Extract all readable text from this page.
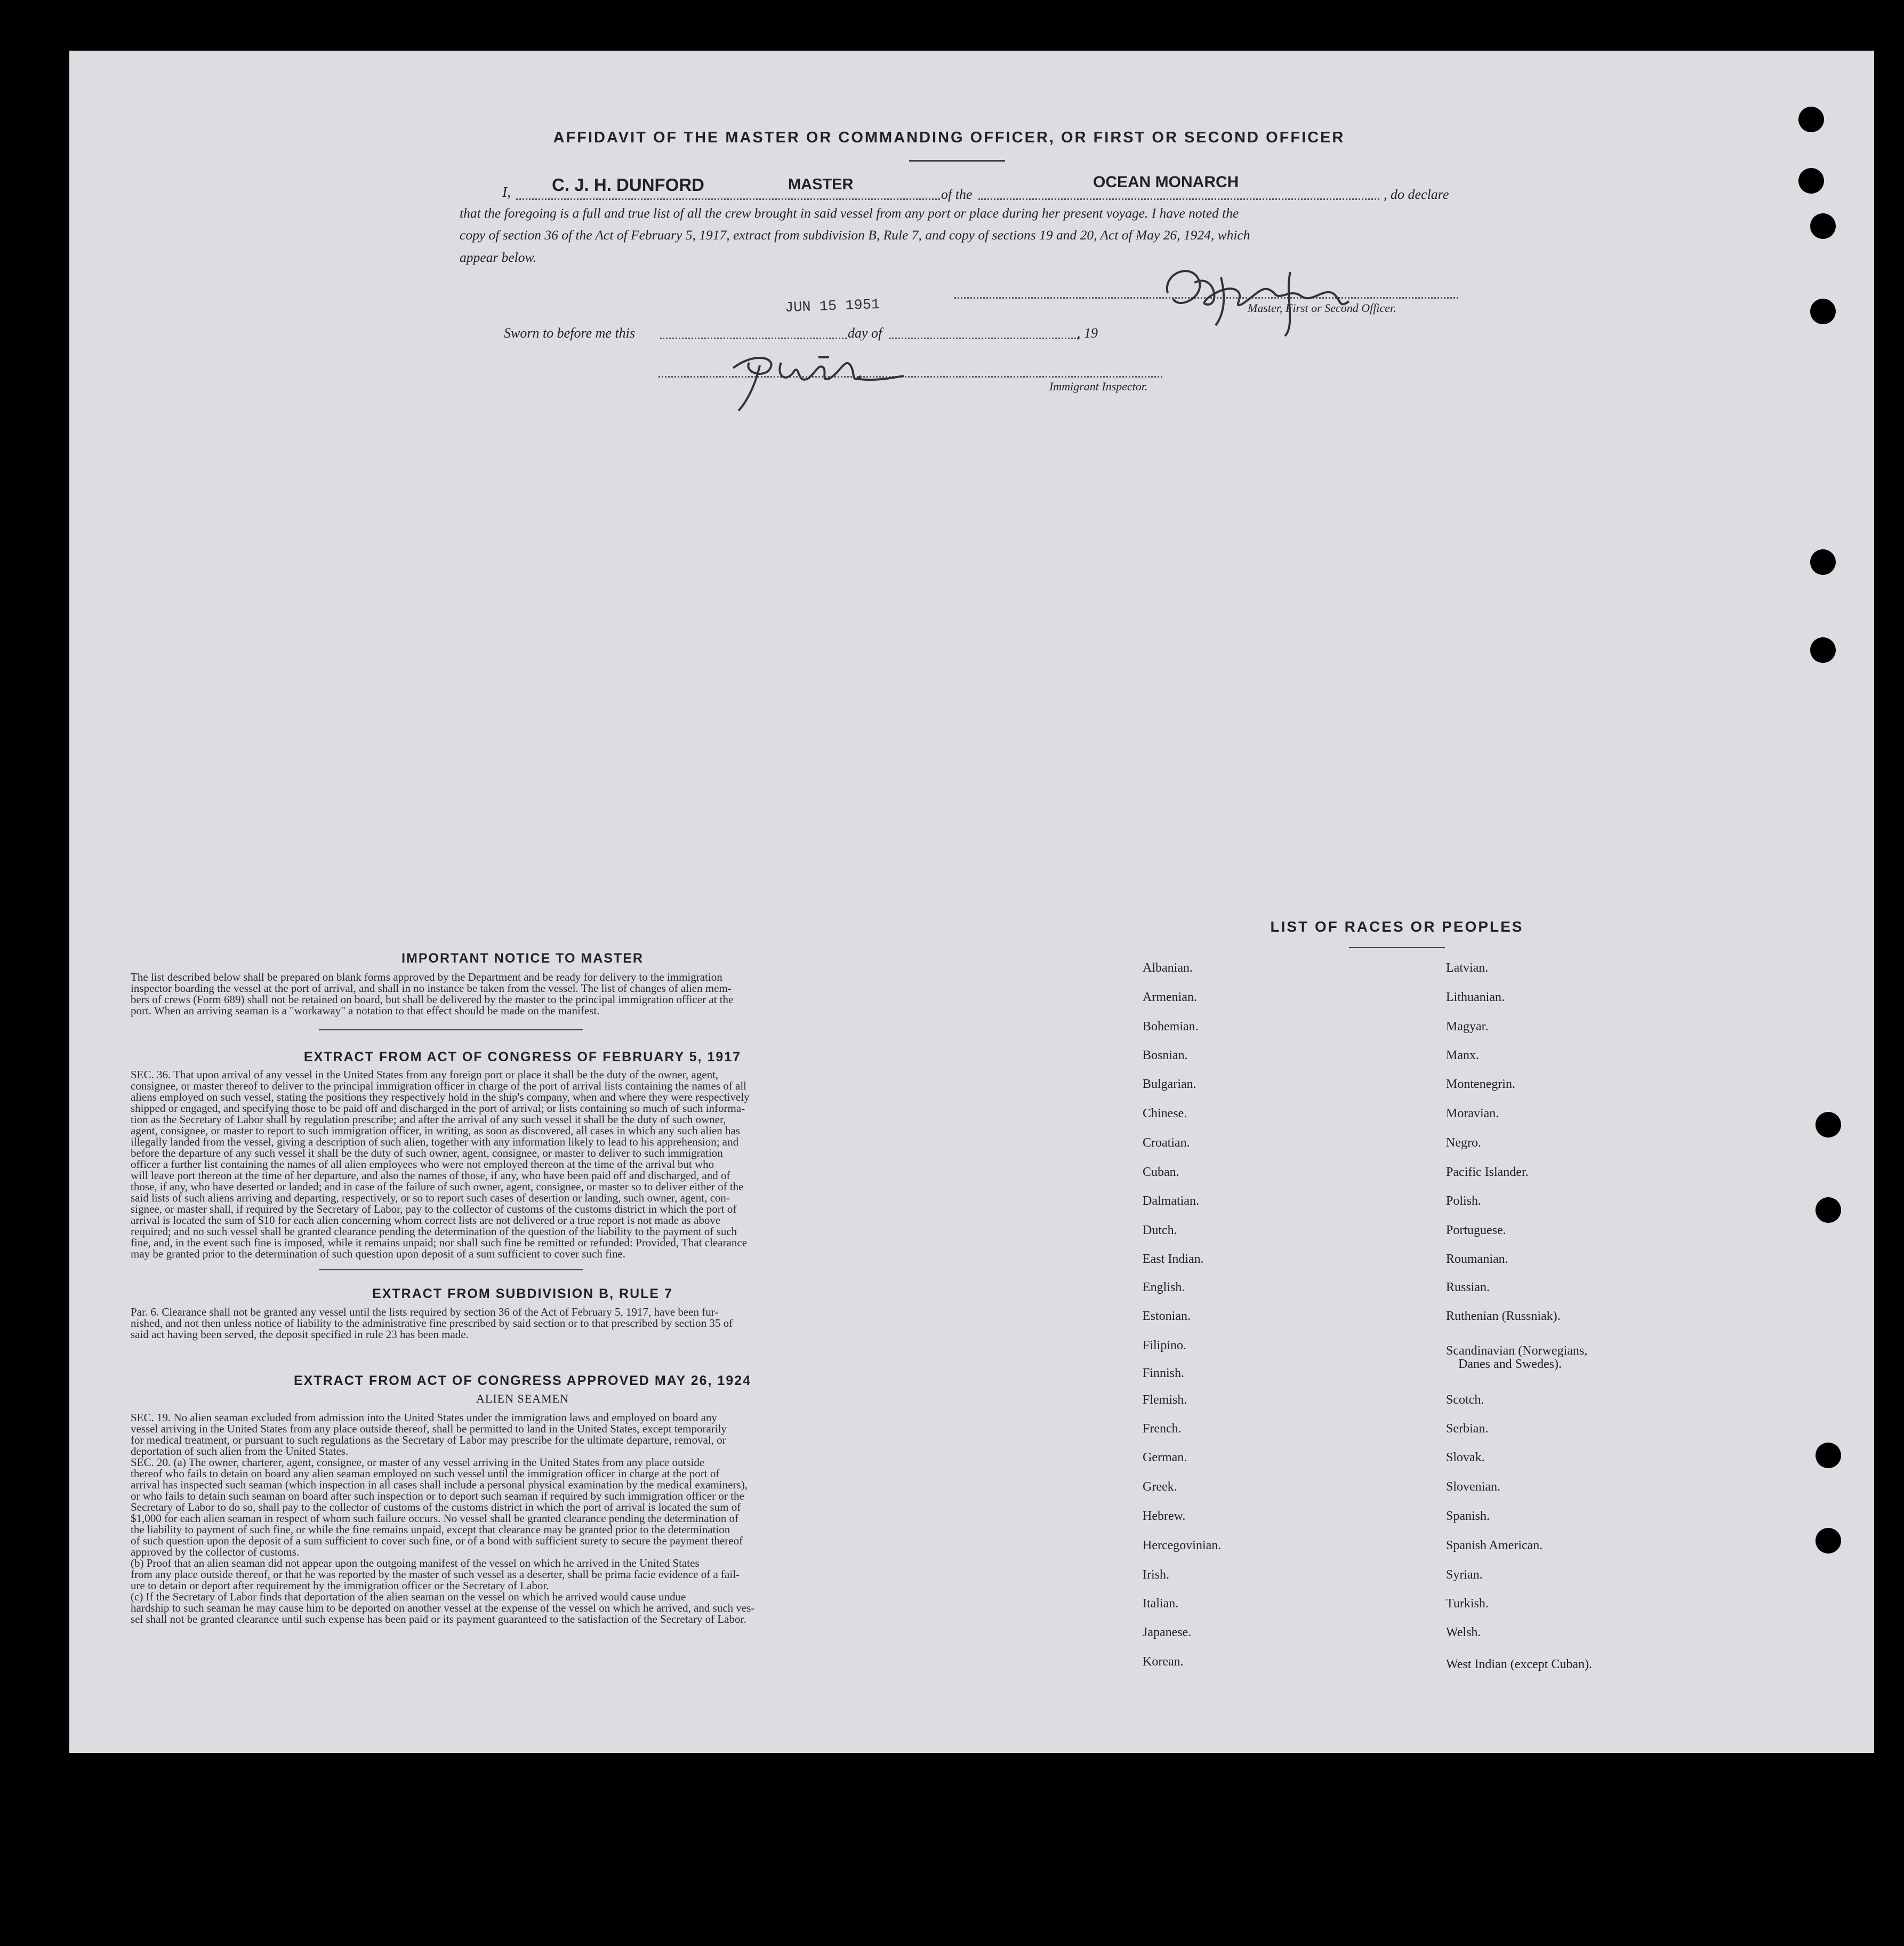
AFFIDAVIT OF THE MASTER OR COMMANDING OFFICER, OR FIRST OR SECOND OFFICER
I, C. J. H. DUNFORD	MASTER
of the
OCEAN MONARCH
, do declare
that the foregoing is a full and true list of all the crew brought in said vessel from any port or place during her present voyage. I have noted the
copy of section 36 of the Act of February 5, 1917, extract from subdivision B, Rule 7, and copy of sections 19 and 20, Act of May 26, 1924, which
appear below.
Master, First or Second Officer.
Sworn to before me this
JUN 15 1951
day of	, 19
Immigrant Inspector.
IMPORTANT NOTICE TO MASTER
The list described below shall be prepared on blank forms approved by the Department and be ready for delivery to the immigration
inspector boarding the vessel at the port of arrival, and shall in no instance be taken from the vessel. The list of changes of alien mem-
bers of crews (Form 689) shall not be retained on board, but shall be delivered by the master to the principal immigration officer at the
port. When an arriving seaman is a "workaway" a notation to that effect should be made on the manifest.
EXTRACT FROM ACT OF CONGRESS OF FEBRUARY 5, 1917
SEC. 36. That upon arrival of any vessel in the United States from any foreign port or place it shall be the duty of the owner, agent,
consignee, or master thereof to deliver to the principal immigration officer in charge of the port of arrival lists containing the names of all
aliens employed on such vessel, stating the positions they respectively hold in the ship's company, when and where they were respectively
shipped or engaged, and specifying those to be paid off and discharged in the port of arrival; or lists containing so much of such informa-
tion as the Secretary of Labor shall by regulation prescribe; and after the arrival of any such vessel it shall be the duty of such owner,
agent, consignee, or master to report to such immigration officer, in writing, as soon as discovered, all cases in which any such alien has
illegally landed from the vessel, giving a description of such alien, together with any information likely to lead to his apprehension; and
before the departure of any such vessel it shall be the duty of such owner, agent, consignee, or master to deliver to such immigration
officer a further list containing the names of all alien employees who were not employed thereon at the time of the arrival but who
will leave port thereon at the time of her departure, and also the names of those, if any, who have been paid off and discharged, and of
those, if any, who have deserted or landed; and in case of the failure of such owner, agent, consignee, or master so to deliver either of the
said lists of such aliens arriving and departing, respectively, or so to report such cases of desertion or landing, such owner, agent, con-
signee, or master shall, if required by the Secretary of Labor, pay to the collector of customs of the customs district in which the port of
arrival is located the sum of $10 for each alien concerning whom correct lists are not delivered or a true report is not made as above
required; and no such vessel shall be granted clearance pending the determination of the question of the liability to the payment of such
fine, and, in the event such fine is imposed, while it remains unpaid; nor shall such fine be remitted or refunded: Provided, That clearance
may be granted prior to the determination of such question upon deposit of a sum sufficient to cover such fine.
EXTRACT FROM SUBDIVISION B, RULE 7
Par. 6. Clearance shall not be granted any vessel until the lists required by section 36 of the Act of February 5, 1917, have been fur-
nished, and not then unless notice of liability to the administrative fine prescribed by said section or to that prescribed by section 35 of
said act having been served, the deposit specified in rule 23 has been made.
EXTRACT FROM ACT OF CONGRESS APPROVED MAY 26, 1924
ALIEN SEAMEN
SEC. 19. No alien seaman excluded from admission into the United States under the immigration laws and employed on board any
vessel arriving in the United States from any place outside thereof, shall be permitted to land in the United States, except temporarily
for medical treatment, or pursuant to such regulations as the Secretary of Labor may prescribe for the ultimate departure, removal, or
deportation of such alien from the United States.
SEC. 20. (a) The owner, charterer, agent, consignee, or master of any vessel arriving in the United States from any place outside
thereof who fails to detain on board any alien seaman employed on such vessel until the immigration officer in charge at the port of
arrival has inspected such seaman (which inspection in all cases shall include a personal physical examination by the medical examiners),
or who fails to detain such seaman on board after such inspection or to deport such seaman if required by such immigration officer or the
Secretary of Labor to do so, shall pay to the collector of customs of the customs district in which the port of arrival is located the sum of
$1,000 for each alien seaman in respect of whom such failure occurs. No vessel shall be granted clearance pending the determination of
the liability to payment of such fine, or while the fine remains unpaid, except that clearance may be granted prior to the determination
of such question upon the deposit of a sum sufficient to cover such fine, or of a bond with sufficient surety to secure the payment thereof
approved by the collector of customs.
(b) Proof that an alien seaman did not appear upon the outgoing manifest of the vessel on which he arrived in the United States
from any place outside thereof, or that he was reported by the master of such vessel as a deserter, shall be prima facie evidence of a fail-
ure to detain or deport after requirement by the immigration officer or the Secretary of Labor.
(c) If the Secretary of Labor finds that deportation of the alien seaman on the vessel on which he arrived would cause undue
hardship to such seaman he may cause him to be deported on another vessel at the expense of the vessel on which he arrived, and such ves-
sel shall not be granted clearance until such expense has been paid or its payment guaranteed to the satisfaction of the Secretary of Labor.
LIST OF RACES OR PEOPLES
Albanian.
Armenian.
Bohemian.
Bosnian.
Bulgarian.
Chinese.
Croatian.
Cuban.
Dalmatian.
Dutch.
East Indian.
English.
Estonian.
Filipino.
Finnish.
Flemish.
French.
German.
Greek.
Hebrew.
Hercegovinian.
Irish.
Italian.
Japanese.
Korean.
Latvian.
Lithuanian.
Magyar.
Manx.
Montenegrin.
Moravian.
Negro.
Pacific Islander.
Polish.
Portuguese.
Roumanian.
Russian.
Ruthenian (Russniak).
Scandinavian (Norwegians,
Danes and Swedes).
Scotch.
Serbian.
Slovak.
Slovenian.
Spanish.
Spanish American.
Syrian.
Turkish.
Welsh.
West Indian (except Cuban).
